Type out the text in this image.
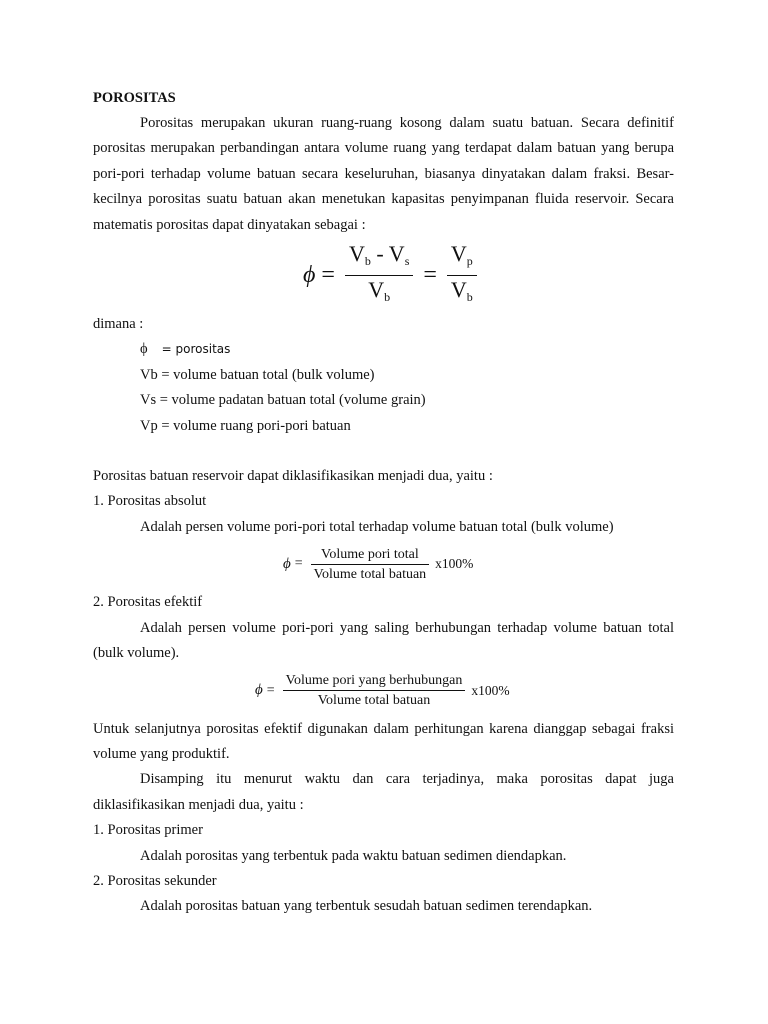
POROSITAS

Porositas merupakan ukuran ruang-ruang kosong dalam suatu batuan. Secara definitif porositas merupakan perbandingan antara volume ruang yang terdapat dalam batuan yang berupa pori-pori terhadap volume batuan secara keseluruhan, biasanya dinyatakan dalam fraksi. Besar-kecilnya porositas suatu batuan akan menetukan kapasitas penyimpanan fluida reservoir. Secara matematis porositas dapat dinyatakan sebagai :

$\phi = \frac{V_b - V_s}{V_b} = \frac{V_p}{V_b}$

dimana :

ϕ = porositas

Vb = volume batuan total (bulk volume)

Vs = volume padatan batuan total (volume grain)

Vp = volume ruang pori-pori batuan

Porositas batuan reservoir dapat diklasifikasikan menjadi dua, yaitu :

1. Porositas absolut

Adalah persen volume pori-pori total terhadap volume batuan total (bulk volume)

$\phi = \frac{\text{Volume pori total}}{\text{Volume total batuan}} x100\%$

2. Porositas efektif

Adalah persen volume pori-pori yang saling berhubungan terhadap volume batuan total (bulk volume).

$\phi = \frac{\text{Volume pori yang berhubungan}}{\text{Volume total batuan}} x100\%$

Untuk selanjutnya porositas efektif digunakan dalam perhitungan karena dianggap sebagai fraksi volume yang produktif.

Disamping itu menurut waktu dan cara terjadinya, maka porositas dapat juga diklasifikasikan menjadi dua, yaitu :

1. Porositas primer

Adalah porositas yang terbentuk pada waktu batuan sedimen diendapkan.

2. Porositas sekunder

Adalah porositas batuan yang terbentuk sesudah batuan sedimen terendapkan.
